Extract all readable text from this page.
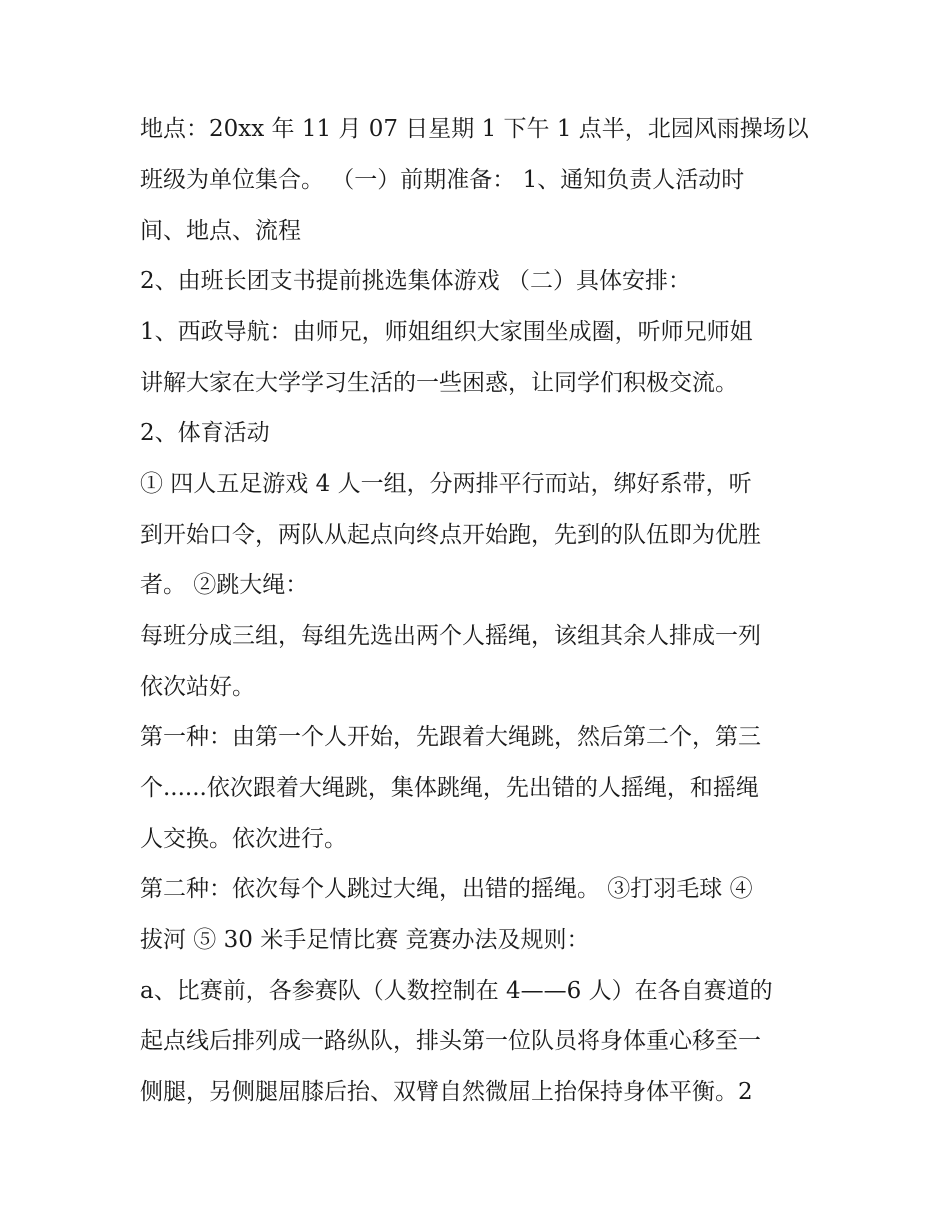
地点：20xx 年 11 月 07 日星期 1 下午 1 点半，北园风雨操场以

班级为单位集合。 （一）前期准备： 1、通知负责人活动时

间、地点、流程

2、由班长团支书提前挑选集体游戏 （二）具体安排：

1、西政导航：由师兄，师姐组织大家围坐成圈，听师兄师姐

讲解大家在大学学习生活的一些困惑，让同学们积极交流。

2、体育活动

① 四人五足游戏 4 人一组，分两排平行而站，绑好系带，听

到开始口令，两队从起点向终点开始跑，先到的队伍即为优胜

者。 ②跳大绳：

每班分成三组，每组先选出两个人摇绳，该组其余人排成一列

依次站好。

第一种：由第一个人开始，先跟着大绳跳，然后第二个，第三

个......依次跟着大绳跳，集体跳绳，先出错的人摇绳，和摇绳

人交换。依次进行。

第二种：依次每个人跳过大绳，出错的摇绳。 ③打羽毛球 ④

拔河 ⑤ 30 米手足情比赛 竞赛办法及规则：

a、比赛前，各参赛队（人数控制在 4——6 人）在各自赛道的

起点线后排列成一路纵队，排头第一位队员将身体重心移至一

侧腿，另侧腿屈膝后抬、双臂自然微屈上抬保持身体平衡。2
